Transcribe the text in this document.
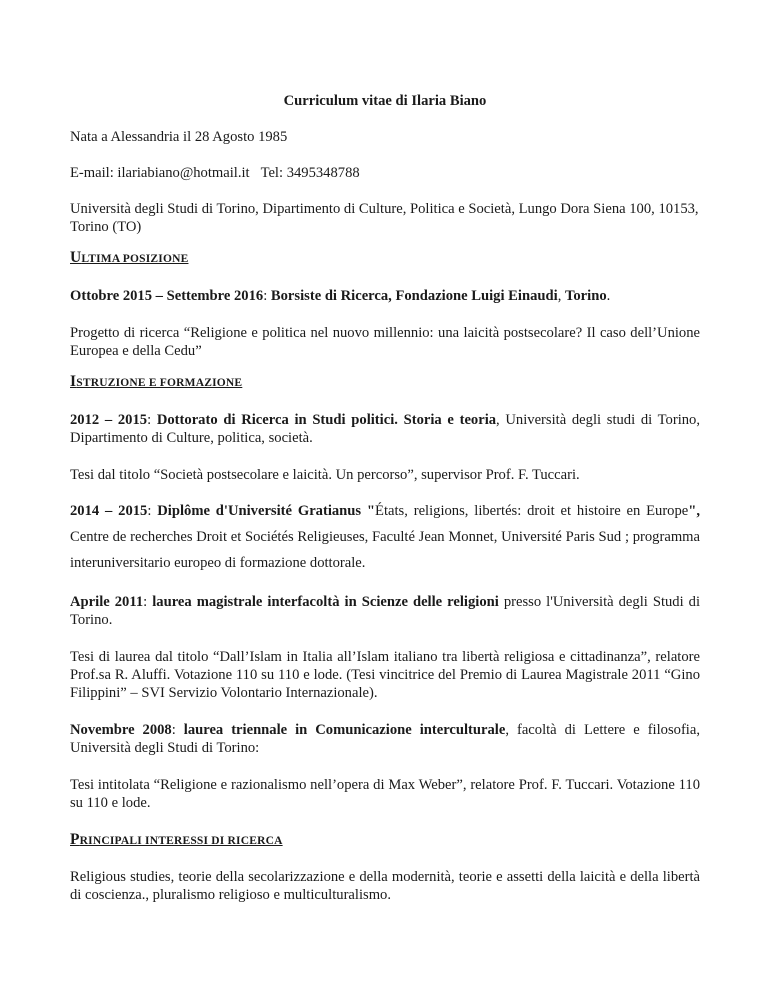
Curriculum vitae di Ilaria Biano

Nata a Alessandria il 28 Agosto 1985

E-mail: ilariabiano@hotmail.it Tel: 3495348788

Università degli Studi di Torino, Dipartimento di Culture, Politica e Società, Lungo Dora Siena 100, 10153, Torino (TO)

ULTIMA POSIZIONE

Ottobre 2015 – Settembre 2016: Borsiste di Ricerca, Fondazione Luigi Einaudi, Torino.

Progetto di ricerca “Religione e politica nel nuovo millennio: una laicità postsecolare? Il caso dell’Unione Europea e della Cedu”

ISTRUZIONE E FORMAZIONE

2012 – 2015: Dottorato di Ricerca in Studi politici. Storia e teoria, Università degli studi di Torino, Dipartimento di Culture, politica, società.

Tesi dal titolo “Società postsecolare e laicità. Un percorso”, supervisor Prof. F. Tuccari.

2014 – 2015: Diplôme d'Université Gratianus "États, religions, libertés: droit et histoire en Europe", Centre de recherches Droit et Sociétés Religieuses, Faculté Jean Monnet, Université Paris Sud ; programma interuniversitario europeo di formazione dottorale.

Aprile 2011: laurea magistrale interfacoltà in Scienze delle religioni presso l'Università degli Studi di Torino.

Tesi di laurea dal titolo “Dall’Islam in Italia all’Islam italiano tra libertà religiosa e cittadinanza”, relatore Prof.sa R. Aluffi. Votazione 110 su 110 e lode. (Tesi vincitrice del Premio di Laurea Magistrale 2011 “Gino Filippini” – SVI Servizio Volontario Internazionale).

Novembre 2008: laurea triennale in Comunicazione interculturale, facoltà di Lettere e filosofia, Università degli Studi di Torino:

Tesi intitolata “Religione e razionalismo nell’opera di Max Weber”, relatore Prof. F. Tuccari. Votazione 110 su 110 e lode.

PRINCIPALI INTERESSI DI RICERCA

Religious studies, teorie della secolarizzazione e della modernità, teorie e assetti della laicità e della libertà di coscienza., pluralismo religioso e multiculturalismo.
